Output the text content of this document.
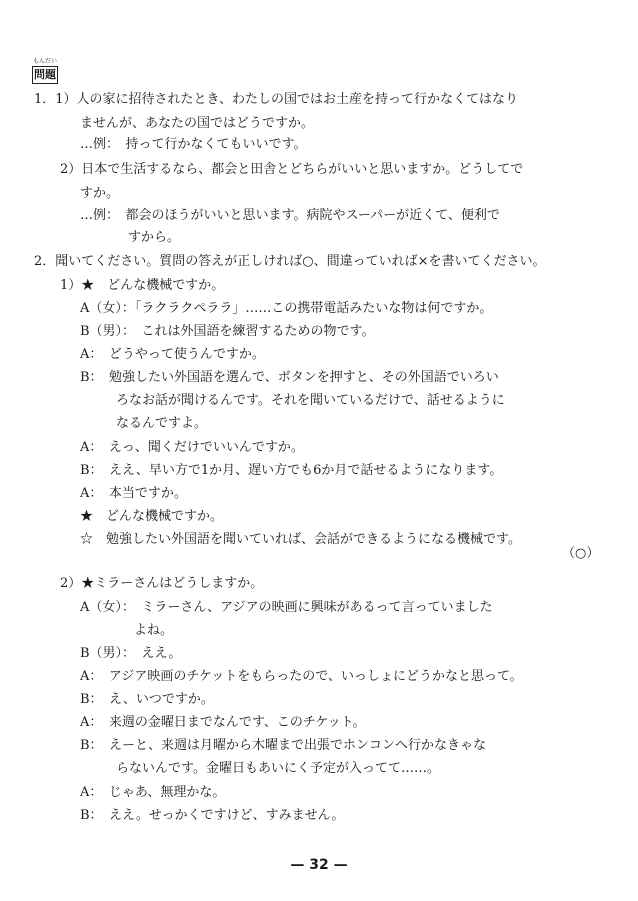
もんだい
問題
1．1）人の家に招待されたとき、わたしの国ではお土産を持って行かなくてはなり
ませんが、あなたの国ではどうですか。
…例：　持って行かなくてもいいです。
2）日本で生活するなら、都会と田舎とどちらがいいと思いますか。どうしてで
すか。
…例：　都会のほうがいいと思います。病院やスーパーが近くて、便利で
すから。
2．聞いてください。質問の答えが正しければ○、間違っていれば×を書いてください。
1）★　どんな機械ですか。
A（女）：「ラクラクペララ」……この携帯電話みたいな物は何ですか。
B（男）：　これは外国語を練習するための物です。
A：　どうやって使うんですか。
B：　勉強したい外国語を選んで、ボタンを押すと、その外国語でいろい
ろなお話が聞けるんです。それを聞いているだけで、話せるように
なるんですよ。
A：　えっ、聞くだけでいいんですか。
B：　ええ、早い方で1か月、遅い方でも6か月で話せるようになります。
A：　本当ですか。
★　どんな機械ですか。
☆　勉強したい外国語を聞いていれば、会話ができるようになる機械です。
（○）
2）★ミラーさんはどうしますか。
A（女）：　ミラーさん、アジアの映画に興味があるって言っていました
よね。
B（男）：　ええ。
A：　アジア映画のチケットをもらったので、いっしょにどうかなと思って。
B：　え、いつですか。
A：　来週の金曜日までなんです、このチケット。
B：　えーと、来週は月曜から木曜まで出張でホンコンへ行かなきゃな
らないんです。金曜日もあいにく予定が入ってて……。
A：　じゃあ、無理かな。
B：　ええ。せっかくですけど、すみません。
— 32 —
